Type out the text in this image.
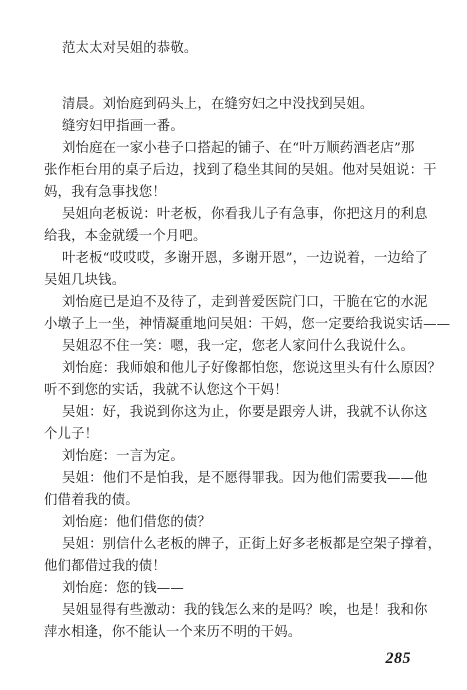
范太太对吴姐的恭敬。
清晨。刘怡庭到码头上，在缝穷妇之中没找到吴姐。
缝穷妇甲指画一番。
刘怡庭在一家小巷子口搭起的铺子、在“叶万顺药酒老店”那
张作柜台用的桌子后边，找到了稳坐其间的吴姐。他对吴姐说：干
妈，我有急事找您！
吴姐向老板说：叶老板，你看我儿子有急事，你把这月的利息
给我，本金就缓一个月吧。
叶老板“哎哎哎，多谢开恩，多谢开恩”，一边说着，一边给了
吴姐几块钱。
刘怡庭已是迫不及待了，走到普爱医院门口，干脆在它的水泥
小墩子上一坐，神情凝重地问吴姐：干妈，您一定要给我说实话——
吴姐忍不住一笑：嗯，我一定，您老人家问什么我说什么。
刘怡庭：我师娘和他儿子好像都怕您，您说这里头有什么原因？
听不到您的实话，我就不认您这个干妈！
吴姐：好，我说到你这为止，你要是跟旁人讲，我就不认你这
个儿子！
刘怡庭：一言为定。
吴姐：他们不是怕我，是不愿得罪我。因为他们需要我——他
们借着我的债。
刘怡庭：他们借您的债？
吴姐：别信什么老板的牌子，正街上好多老板都是空架子撑着，
他们都借过我的债！
刘怡庭：您的钱——
吴姐显得有些激动：我的钱怎么来的是吗？唉，也是！我和你
萍水相逢，你不能认一个来历不明的干妈。
285
